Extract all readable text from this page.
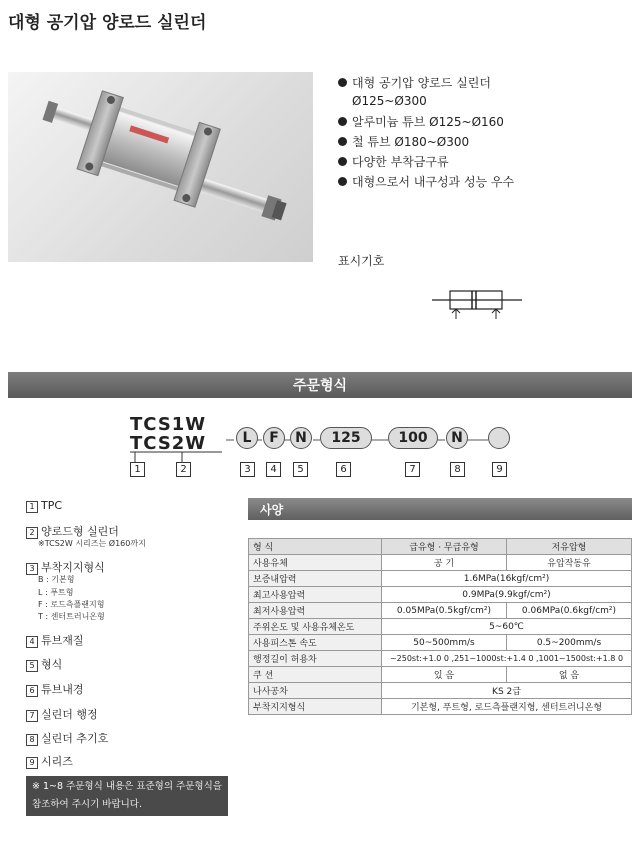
대형 공기압 양로드 실린더
대형 공기압 양로드 실린더
Ø125~Ø300
알루미늄 튜브 Ø125~Ø160
철 튜브 Ø180~Ø300
다양한 부착금구류
대형으로서 내구성과 성능 우수
표시기호
주문형식
TCS1W
TCS2W	L	F	N	125	100	N
1	2	3	4	5	6	7	8	9
1 TPC
2 양로드형 실린더
※TCS2W 시리즈는 Ø160까지
3 부착지지형식
B : 기본형
L : 푸트형
F : 로드측플랜지형
T : 센터트러니온형
4 튜브재질
5 형식
6 튜브내경
7 실린더 행정
8 실린더 추기호
9 시리즈
※ 1~8 주문형식 내용은 표준형의 주문형식을
참조하여 주시기 바랍니다.
사양
형 식	급유형 · 무급유형	저유압형
사용유체	공 기	유압작동유
보증내압력	1.6MPa(16kgf/cm²)	
최고사용압력	0.9MPa(9.9kgf/cm²)	
최저사용압력	0.05MPa(0.5kgf/cm²)	0.06MPa(0.6kgf/cm²)
주위온도 및 사용유체온도	5~60℃	
사용피스톤 속도	50~500mm/s	0.5~200mm/s
행정길이 허용차	~250st:+1.0 0 ,251~1000st:+1.4 0 ,1001~1500st:+1.8 0	
쿠 션	있 음	없 음
나사공차	KS 2급	
부착지지형식	기본형, 푸트형, 로드측플랜지형, 센터트러니온형	
